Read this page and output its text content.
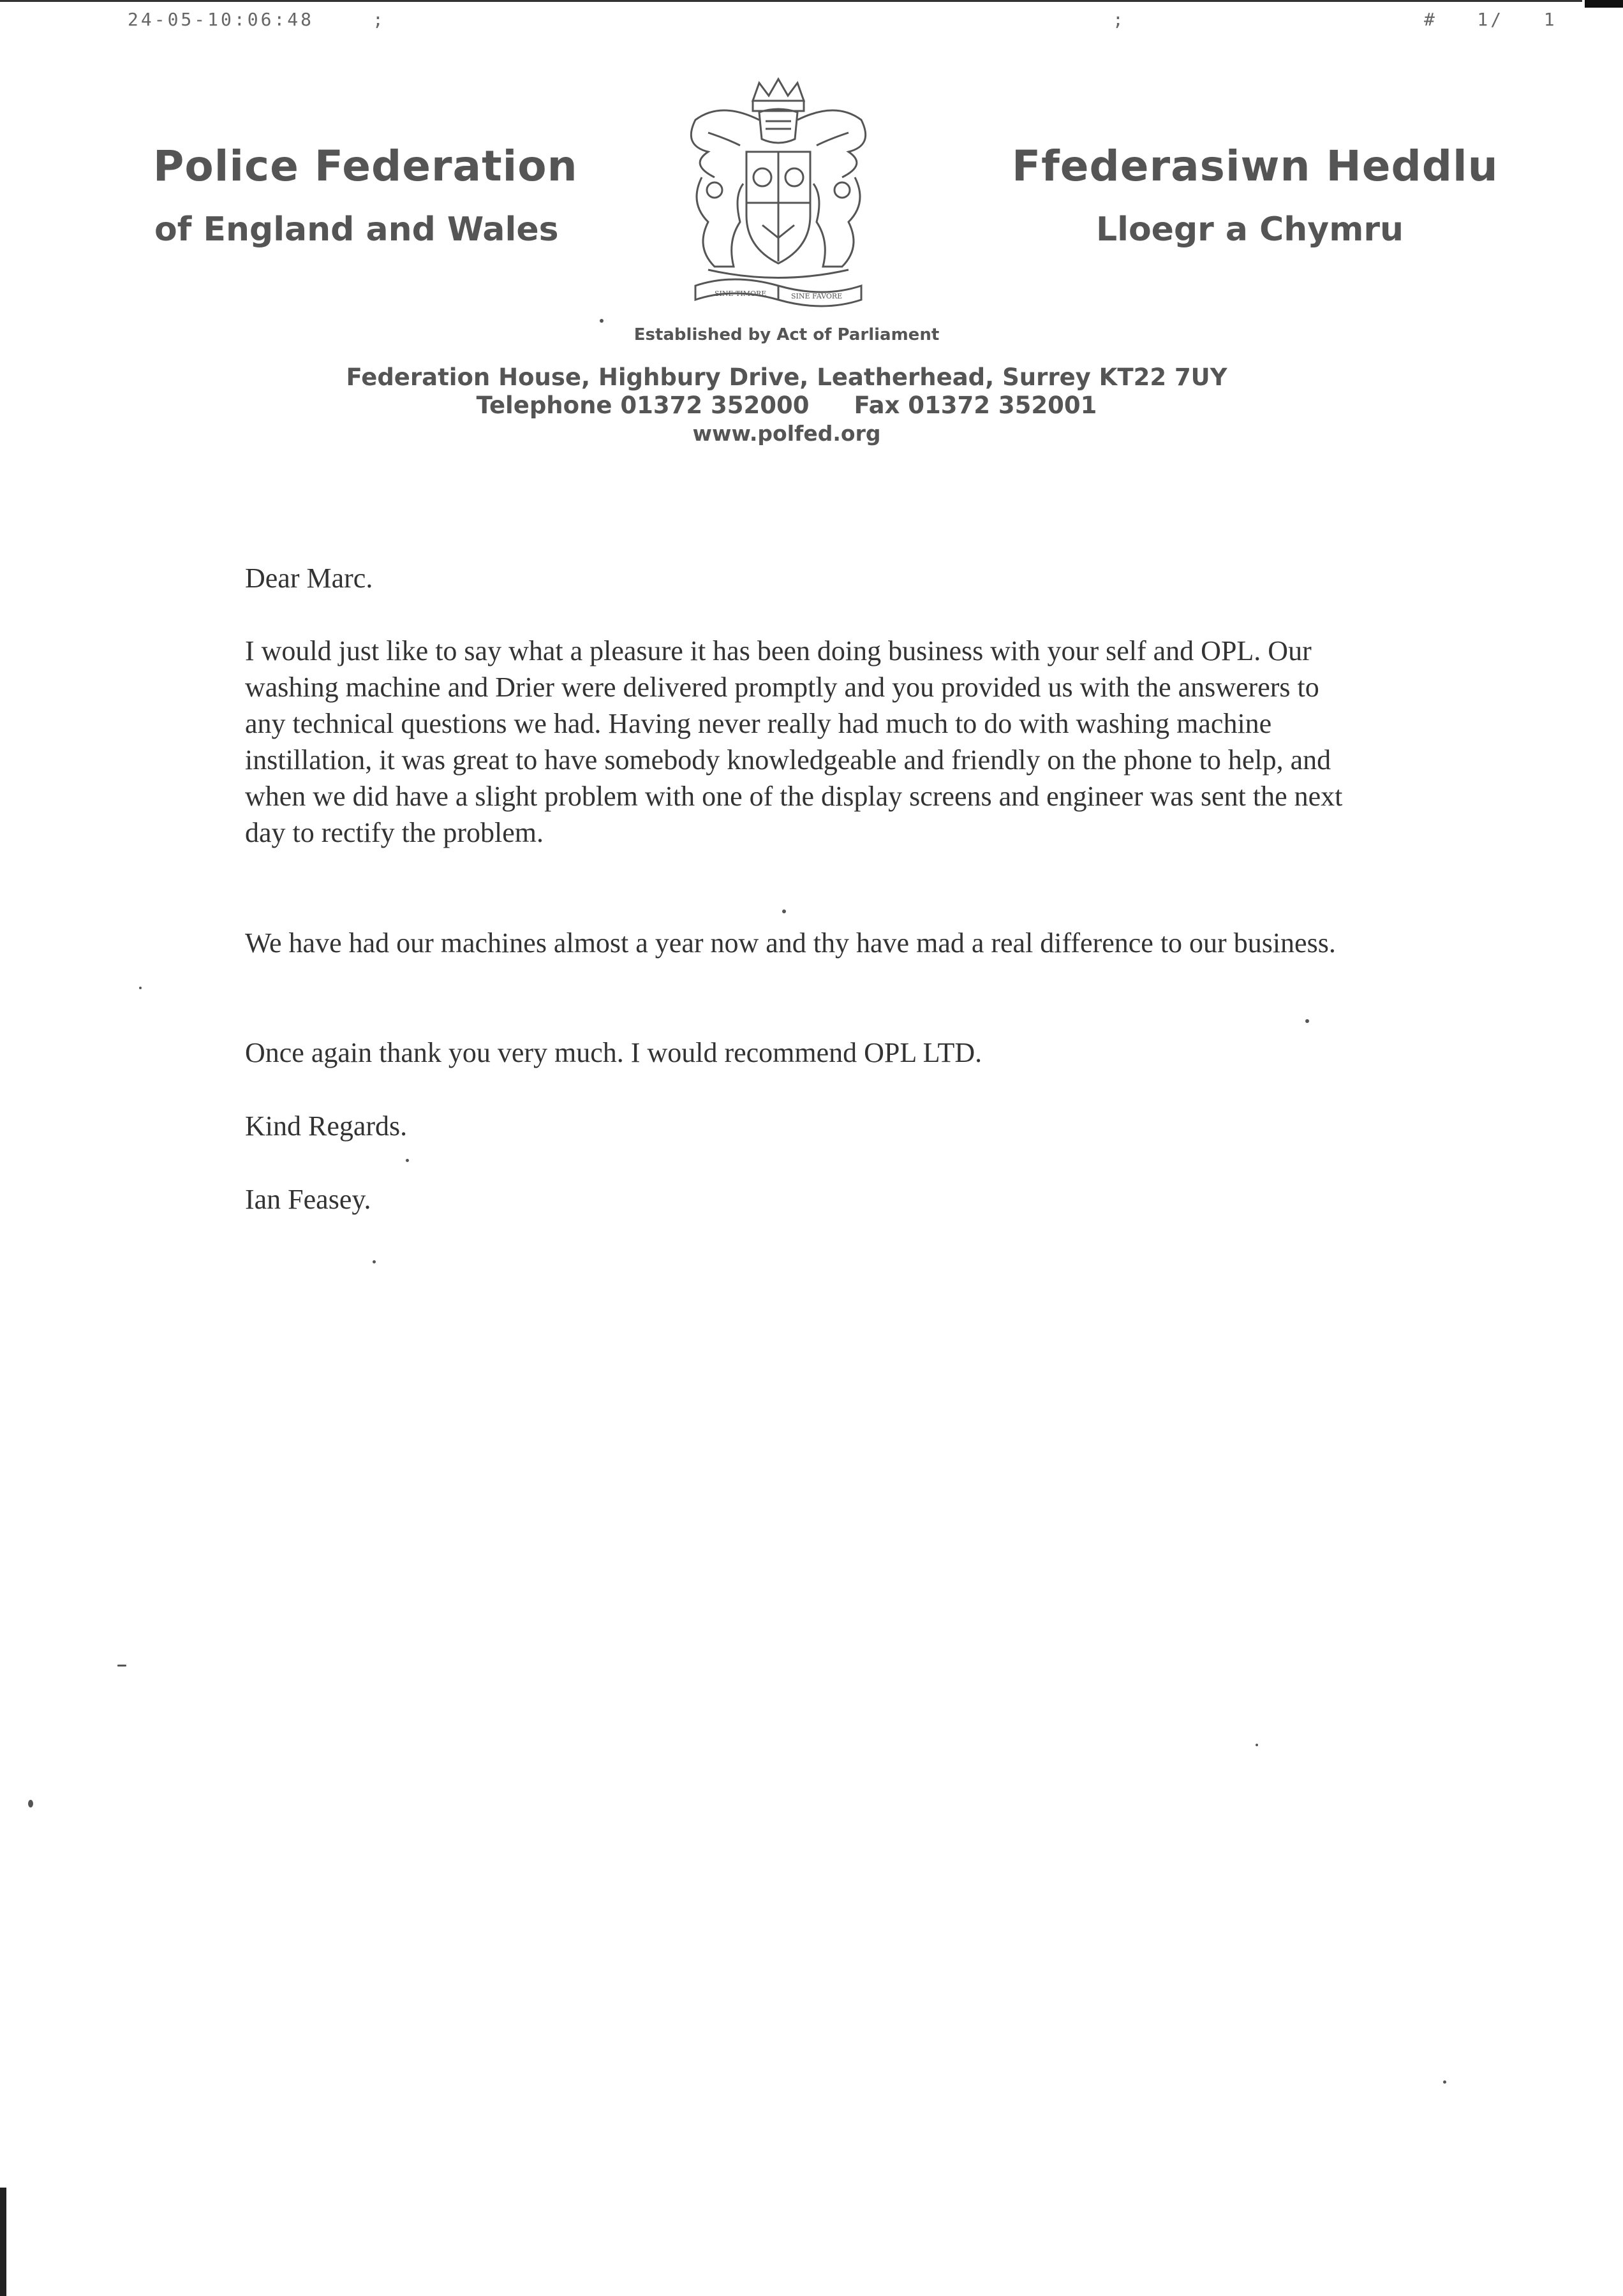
24-05-10:06:48	;	;	#   1/   1
Police Federation
of England and Wales
Ffederasiwn Heddlu
Lloegr a Chymru
SINE TIMORE	SINE FAVORE
Established by Act of Parliament
Federation House, Highbury Drive, Leatherhead, Surrey KT22 7UY
Telephone 01372 352000 Fax 01372 352001
www.polfed.org
Dear Marc.
I would just like to say what a pleasure it has been doing business with your self and OPL. Our washing machine and Drier were delivered promptly and you provided us with the answerers to any technical questions we had. Having never really had much to do with washing machine instillation, it was great to have somebody knowledgeable and friendly on the phone to help, and when we did have a slight problem with one of the display screens and engineer was sent the next day to rectify the problem.
We have had our machines almost a year now and thy have mad a real difference to our business.
Once again thank you very much. I would recommend OPL LTD.
Kind Regards.
Ian Feasey.
